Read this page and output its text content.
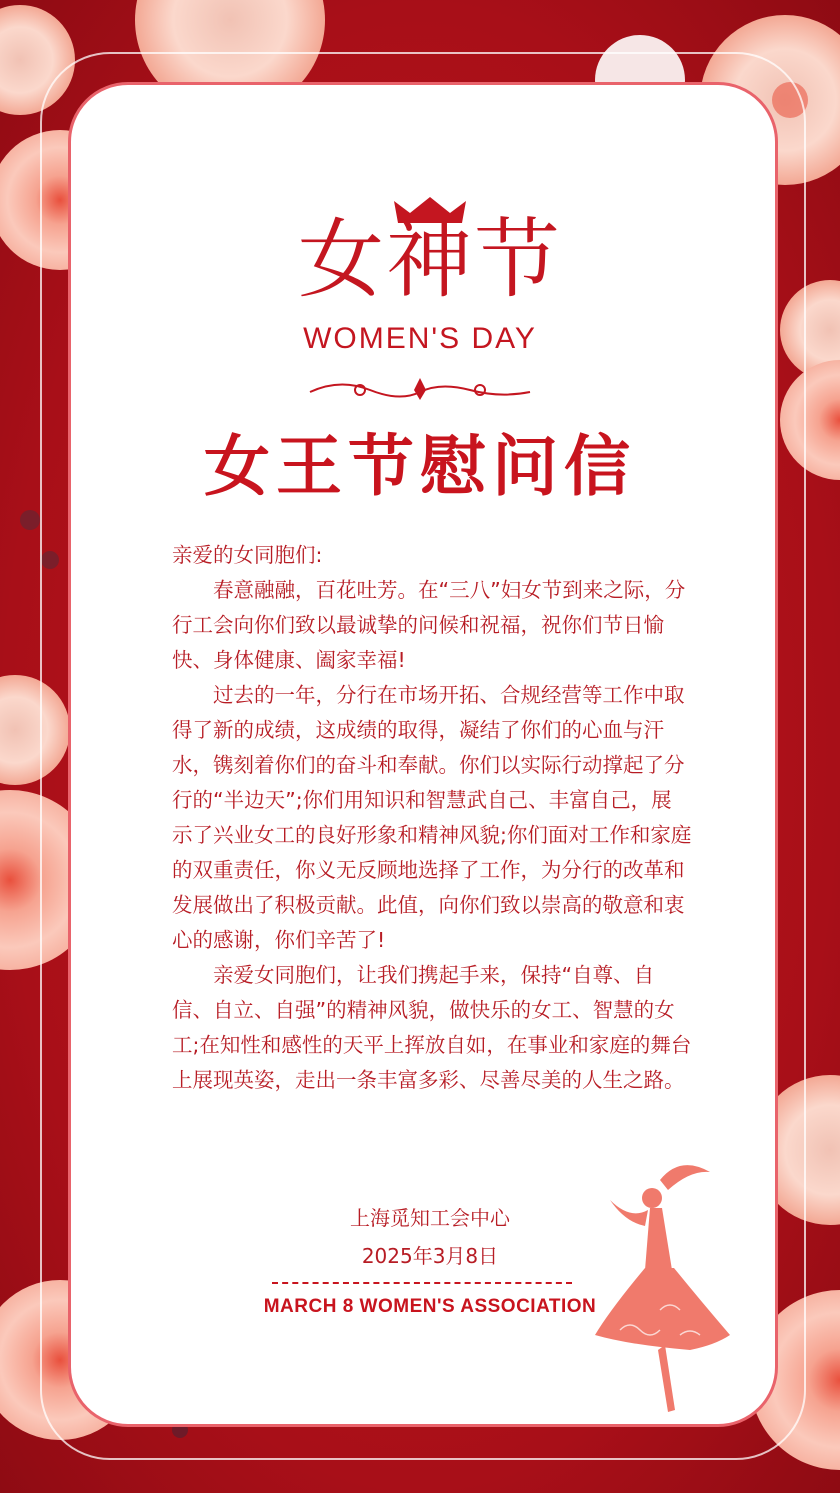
女神节
WOMEN'S DAY
女王节慰问信

亲爱的女同胞们:

春意融融，百花吐芳。在“三八”妇女节到来之际，分行工会向你们致以最诚挚的问候和祝福，祝你们节日愉快、身体健康、阖家幸福!

过去的一年，分行在市场开拓、合规经营等工作中取得了新的成绩，这成绩的取得，凝结了你们的心血与汗水，镌刻着你们的奋斗和奉献。你们以实际行动撑起了分行的“半边天”;你们用知识和智慧武自己、丰富自己，展示了兴业女工的良好形象和精神风貌;你们面对工作和家庭的双重责任，你义无反顾地选择了工作，为分行的改革和发展做出了积极贡献。此值，向你们致以崇高的敬意和衷心的感谢，你们辛苦了!

亲爱女同胞们，让我们携起手来，保持“自尊、自信、自立、自强”的精神风貌，做快乐的女工、智慧的女工;在知性和感性的天平上挥放自如，在事业和家庭的舞台上展现英姿，走出一条丰富多彩、尽善尽美的人生之路。

上海觅知工会中心
2025年3月8日
MARCH 8 WOMEN'S ASSOCIATION
